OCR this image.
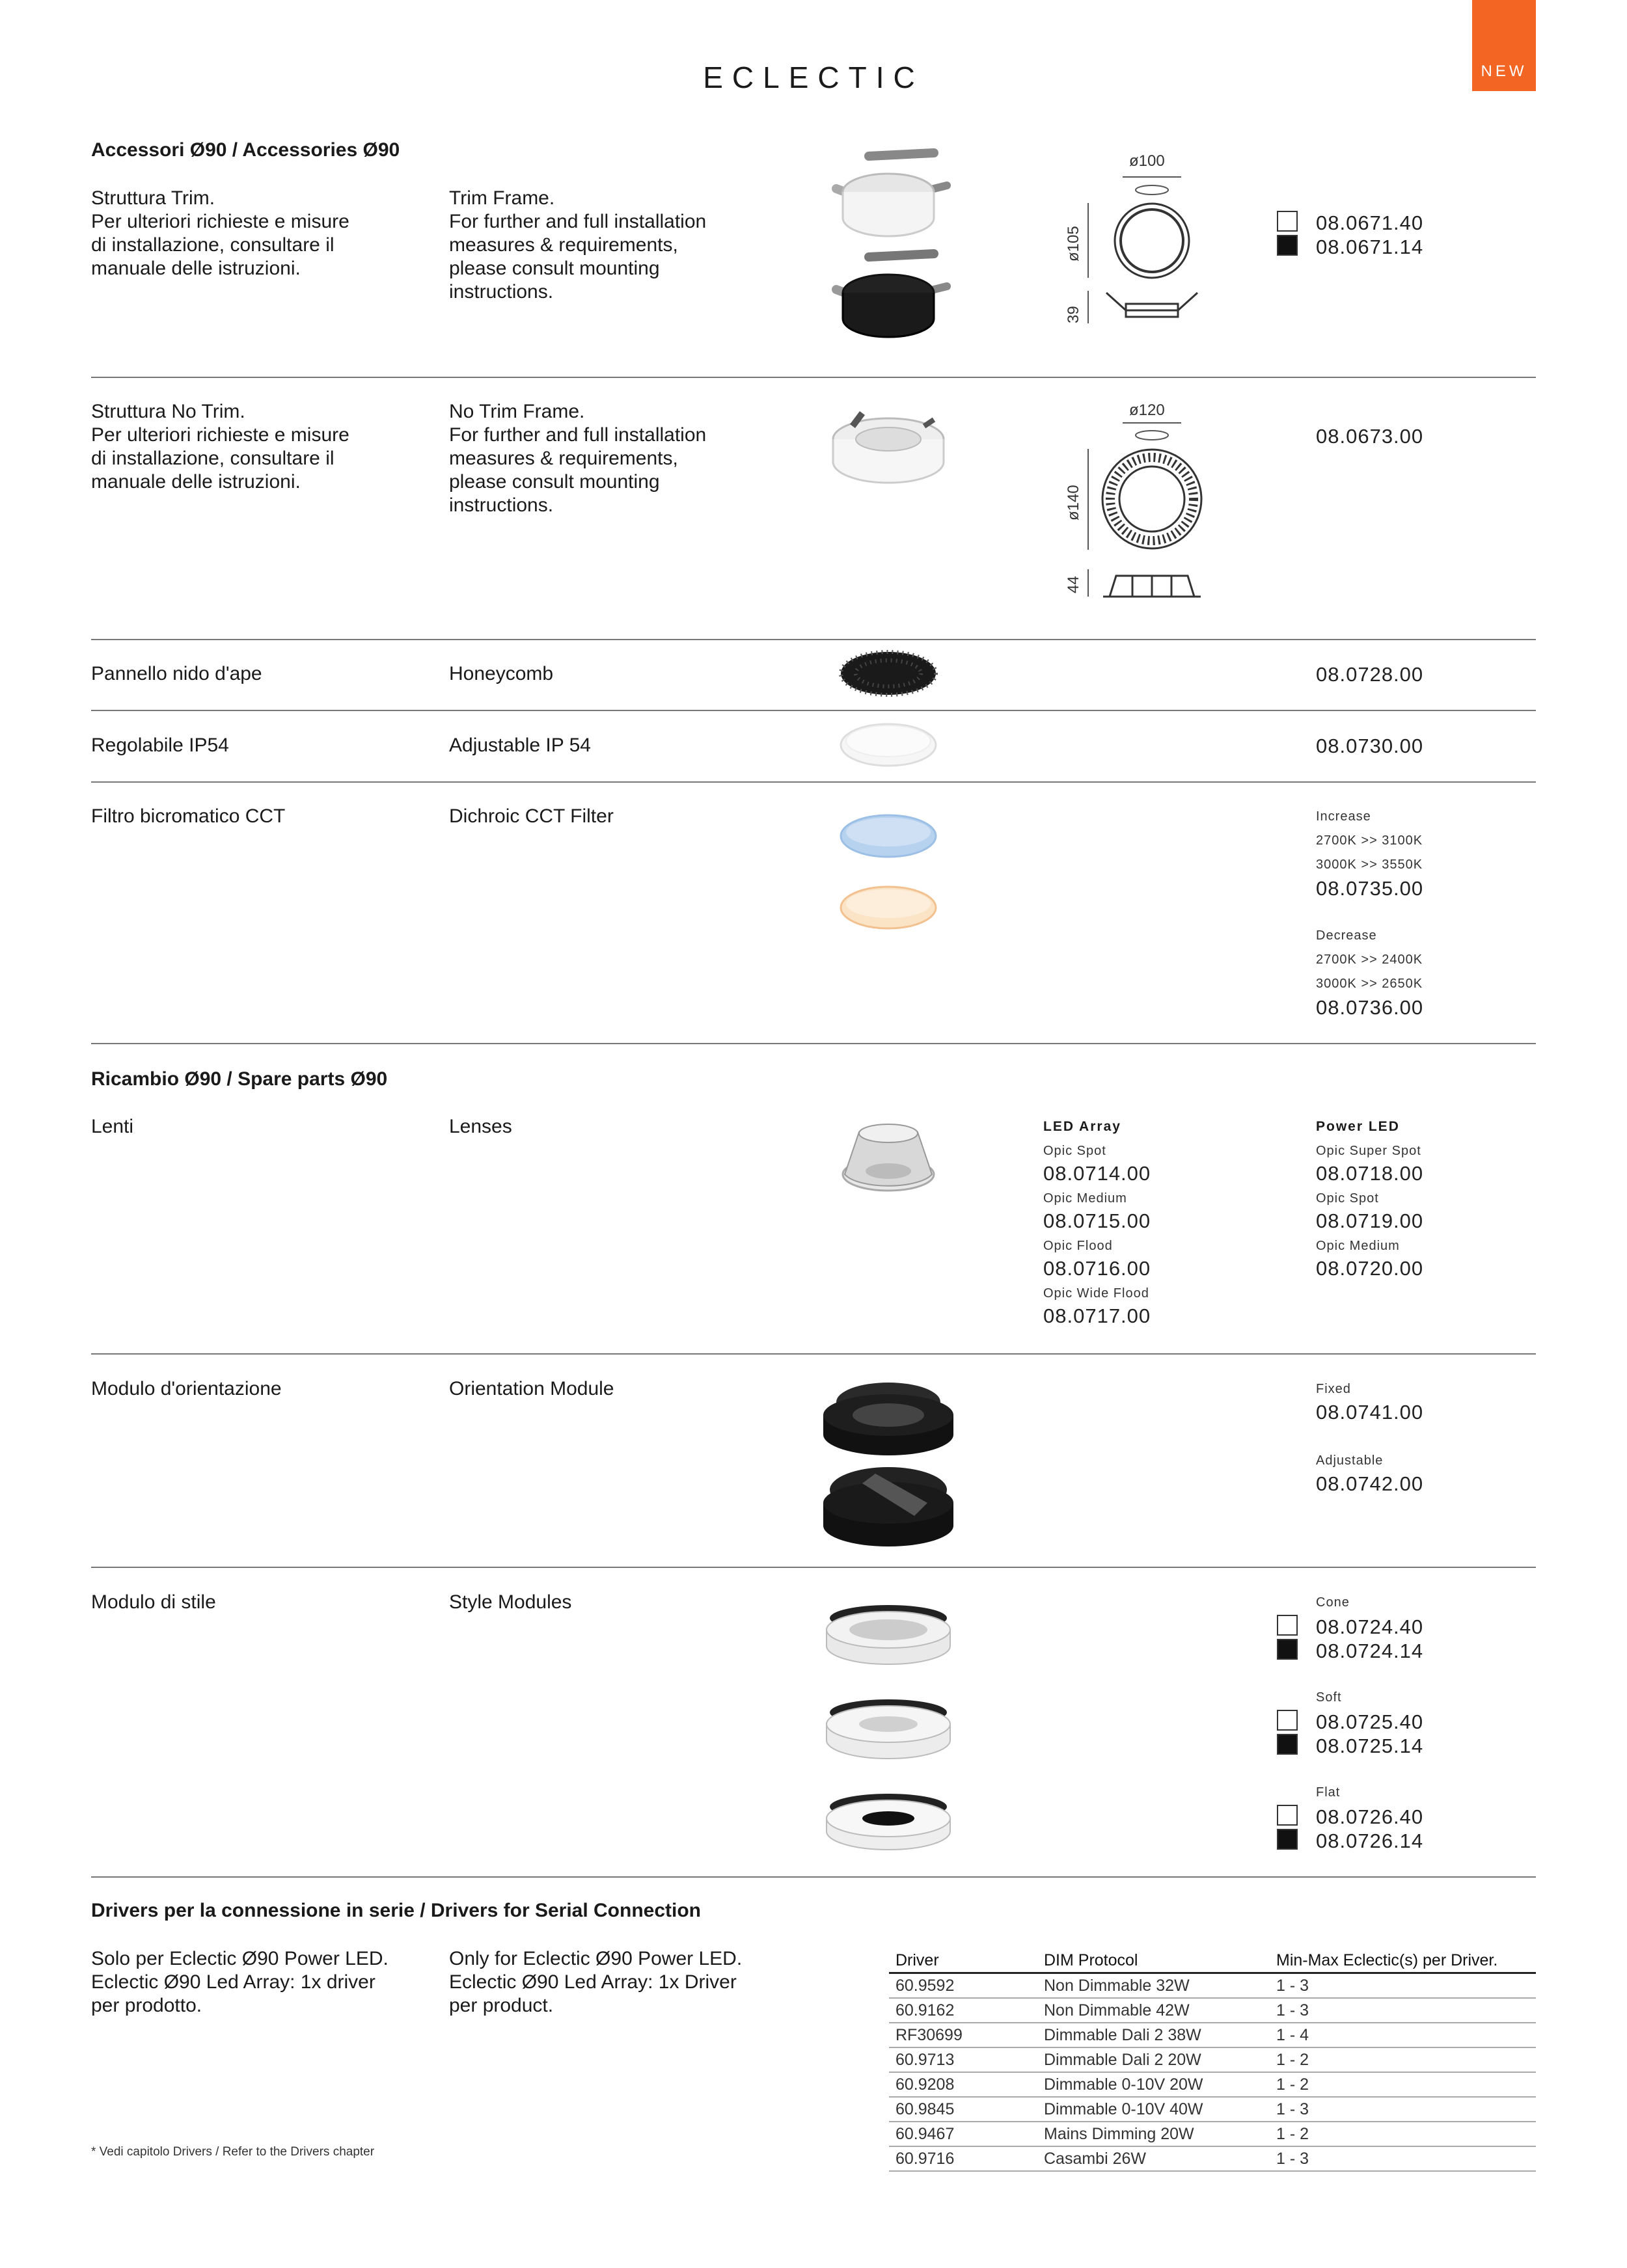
ECLECTIC	NEW
Accessori Ø90 / Accessories Ø90
Struttura Trim.
Per ulteriori richieste e misure
di installazione, consultare il
manuale delle istruzioni.
Trim Frame.
For further and full installation
measures & requirements,
please consult mounting
instructions.
ø100
ø105
39
08.0671.40
08.0671.14
Struttura No Trim.
Per ulteriori richieste e misure
di installazione, consultare il
manuale delle istruzioni.
No Trim Frame.
For further and full installation
measures & requirements,
please consult mounting
instructions.
ø120
ø140
44
08.0673.00
Pannello nido d'ape	Honeycomb	08.0728.00
Regolabile IP54	Adjustable IP 54	08.0730.00
Filtro bicromatico CCT	Dichroic CCT Filter	Increase
2700K >> 3100K
3000K >> 3550K
08.0735.00
Decrease
2700K >> 2400K
3000K >> 2650K
08.0736.00
Ricambio Ø90 / Spare parts Ø90
Lenti	Lenses	LED Array
Opic Spot
08.0714.00
Opic Medium
08.0715.00
Opic Flood
08.0716.00
Opic Wide Flood
08.0717.00
Power LED
Opic Super Spot
08.0718.00
Opic Spot
08.0719.00
Opic Medium
08.0720.00
Modulo d'orientazione	Orientation Module	Fixed
08.0741.00
Adjustable
08.0742.00
Modulo di stile	Style Modules	Cone
08.0724.40
08.0724.14
Soft
08.0725.40
08.0725.14
Flat
08.0726.40
08.0726.14
Drivers per la connessione in serie / Drivers for Serial Connection
Solo per Eclectic Ø90 Power LED.
Eclectic Ø90 Led Array: 1x driver
per prodotto.
Only for Eclectic Ø90 Power LED.
Eclectic Ø90 Led Array: 1x Driver
per product.
Driver	DIM Protocol	Min-Max Eclectic(s) per Driver.
60.9592	Non Dimmable 32W	1 - 3
60.9162	Non Dimmable 42W	1 - 3
RF30699	Dimmable Dali 2 38W	1 - 4
60.9713	Dimmable Dali 2 20W	1 - 2
60.9208	Dimmable 0-10V 20W	1 - 2
60.9845	Dimmable 0-10V 40W	1 - 3
60.9467	Mains Dimming 20W	1 - 2
60.9716	Casambi 26W	1 - 3
* Vedi capitolo Drivers / Refer to the Drivers chapter
